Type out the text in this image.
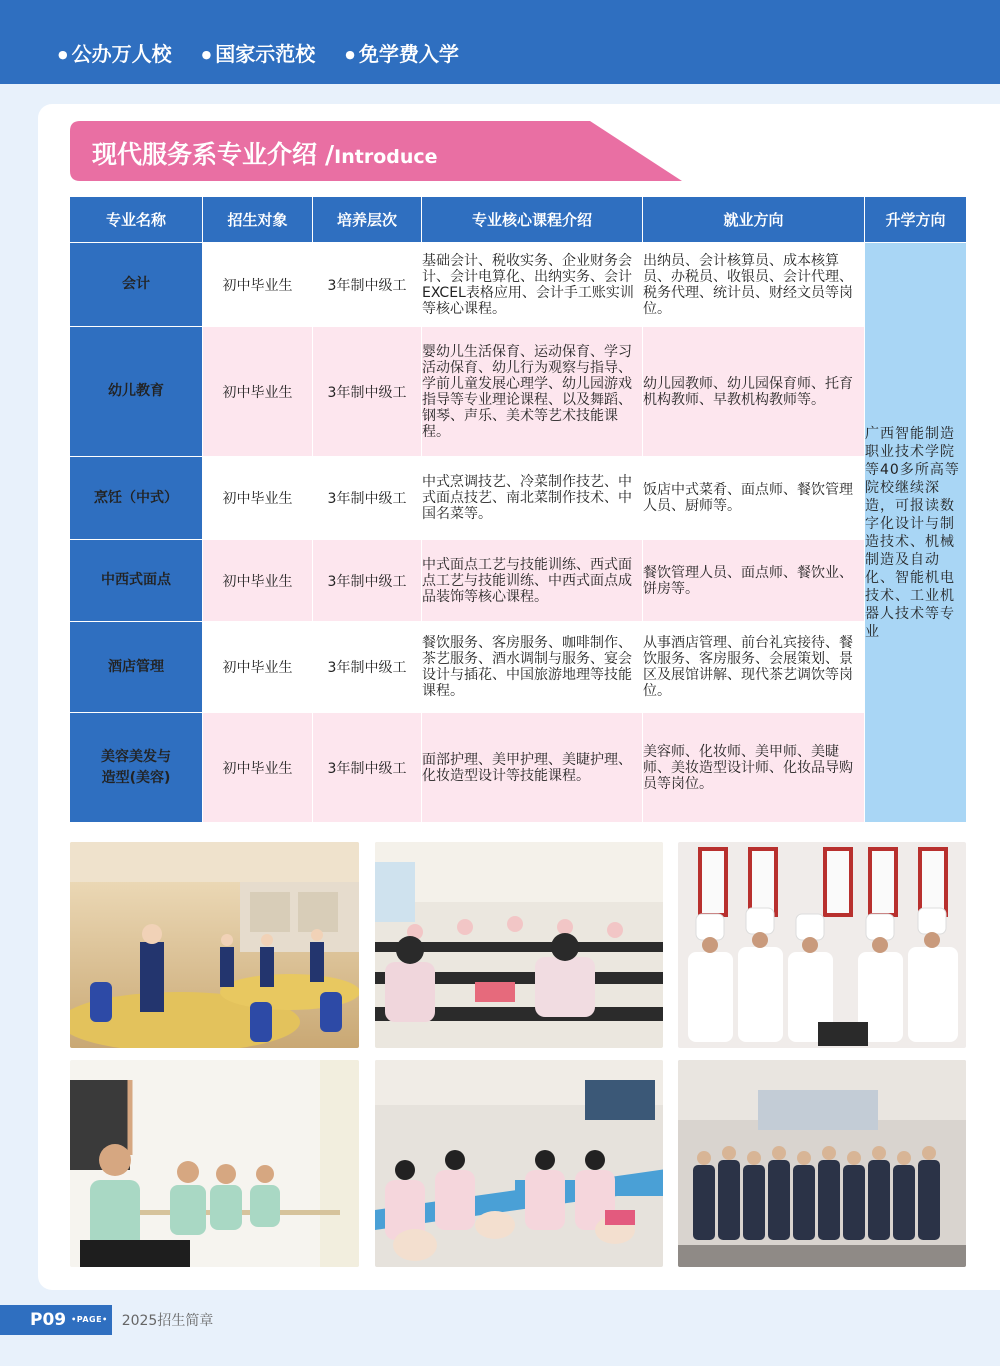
● 公办万人校	● 国家示范校	● 免学费入学
现代服务系专业介绍 /Introduce
专业名称	招生对象	培养层次	专业核心课程介绍	就业方向	升学方向
会计	初中毕业生	3年制中级工	基础会计、税收实务、企业财务会计、会计电算化、出纳实务、会计EXCEL表格应用、会计手工账实训等核心课程。	出纳员、会计核算员、成本核算员、办税员、收银员、会计代理、税务代理、统计员、财经文员等岗位。	广西智能制造职业技术学院等40多所高等院校继续深造，可报读数字化设计与制造技术、机械制造及自动化、智能机电技术、工业机器人技术等专业
幼儿教育	初中毕业生	3年制中级工	婴幼儿生活保育、运动保育、学习活动保育、幼儿行为观察与指导、学前儿童发展心理学、幼儿园游戏指导等专业理论课程、以及舞蹈、钢琴、声乐、美术等艺术技能课程。	幼儿园教师、幼儿园保育师、托育机构教师、早教机构教师等。	
烹饪（中式）	初中毕业生	3年制中级工	中式烹调技艺、冷菜制作技艺、中式面点技艺、南北菜制作技术、中国名菜等。	饭店中式菜肴、面点师、餐饮管理人员、厨师等。	
中西式面点	初中毕业生	3年制中级工	中式面点工艺与技能训练、西式面点工艺与技能训练、中西式面点成品装饰等核心课程。	餐饮管理人员、面点师、餐饮业、饼房等。	
酒店管理	初中毕业生	3年制中级工	餐饮服务、客房服务、咖啡制作、茶艺服务、酒水调制与服务、宴会设计与插花、中国旅游地理等技能课程。	从事酒店管理、前台礼宾接待、餐饮服务、客房服务、会展策划、景区及展馆讲解、现代茶艺调饮等岗位。	
美容美发与
造型(美容)	初中毕业生	3年制中级工	面部护理、美甲护理、美睫护理、化妆造型设计等技能课程。	美容师、化妆师、美甲师、美睫师、美妆造型设计师、化妆品导购员等岗位。	
P09 •PAGE• 2025招生简章
